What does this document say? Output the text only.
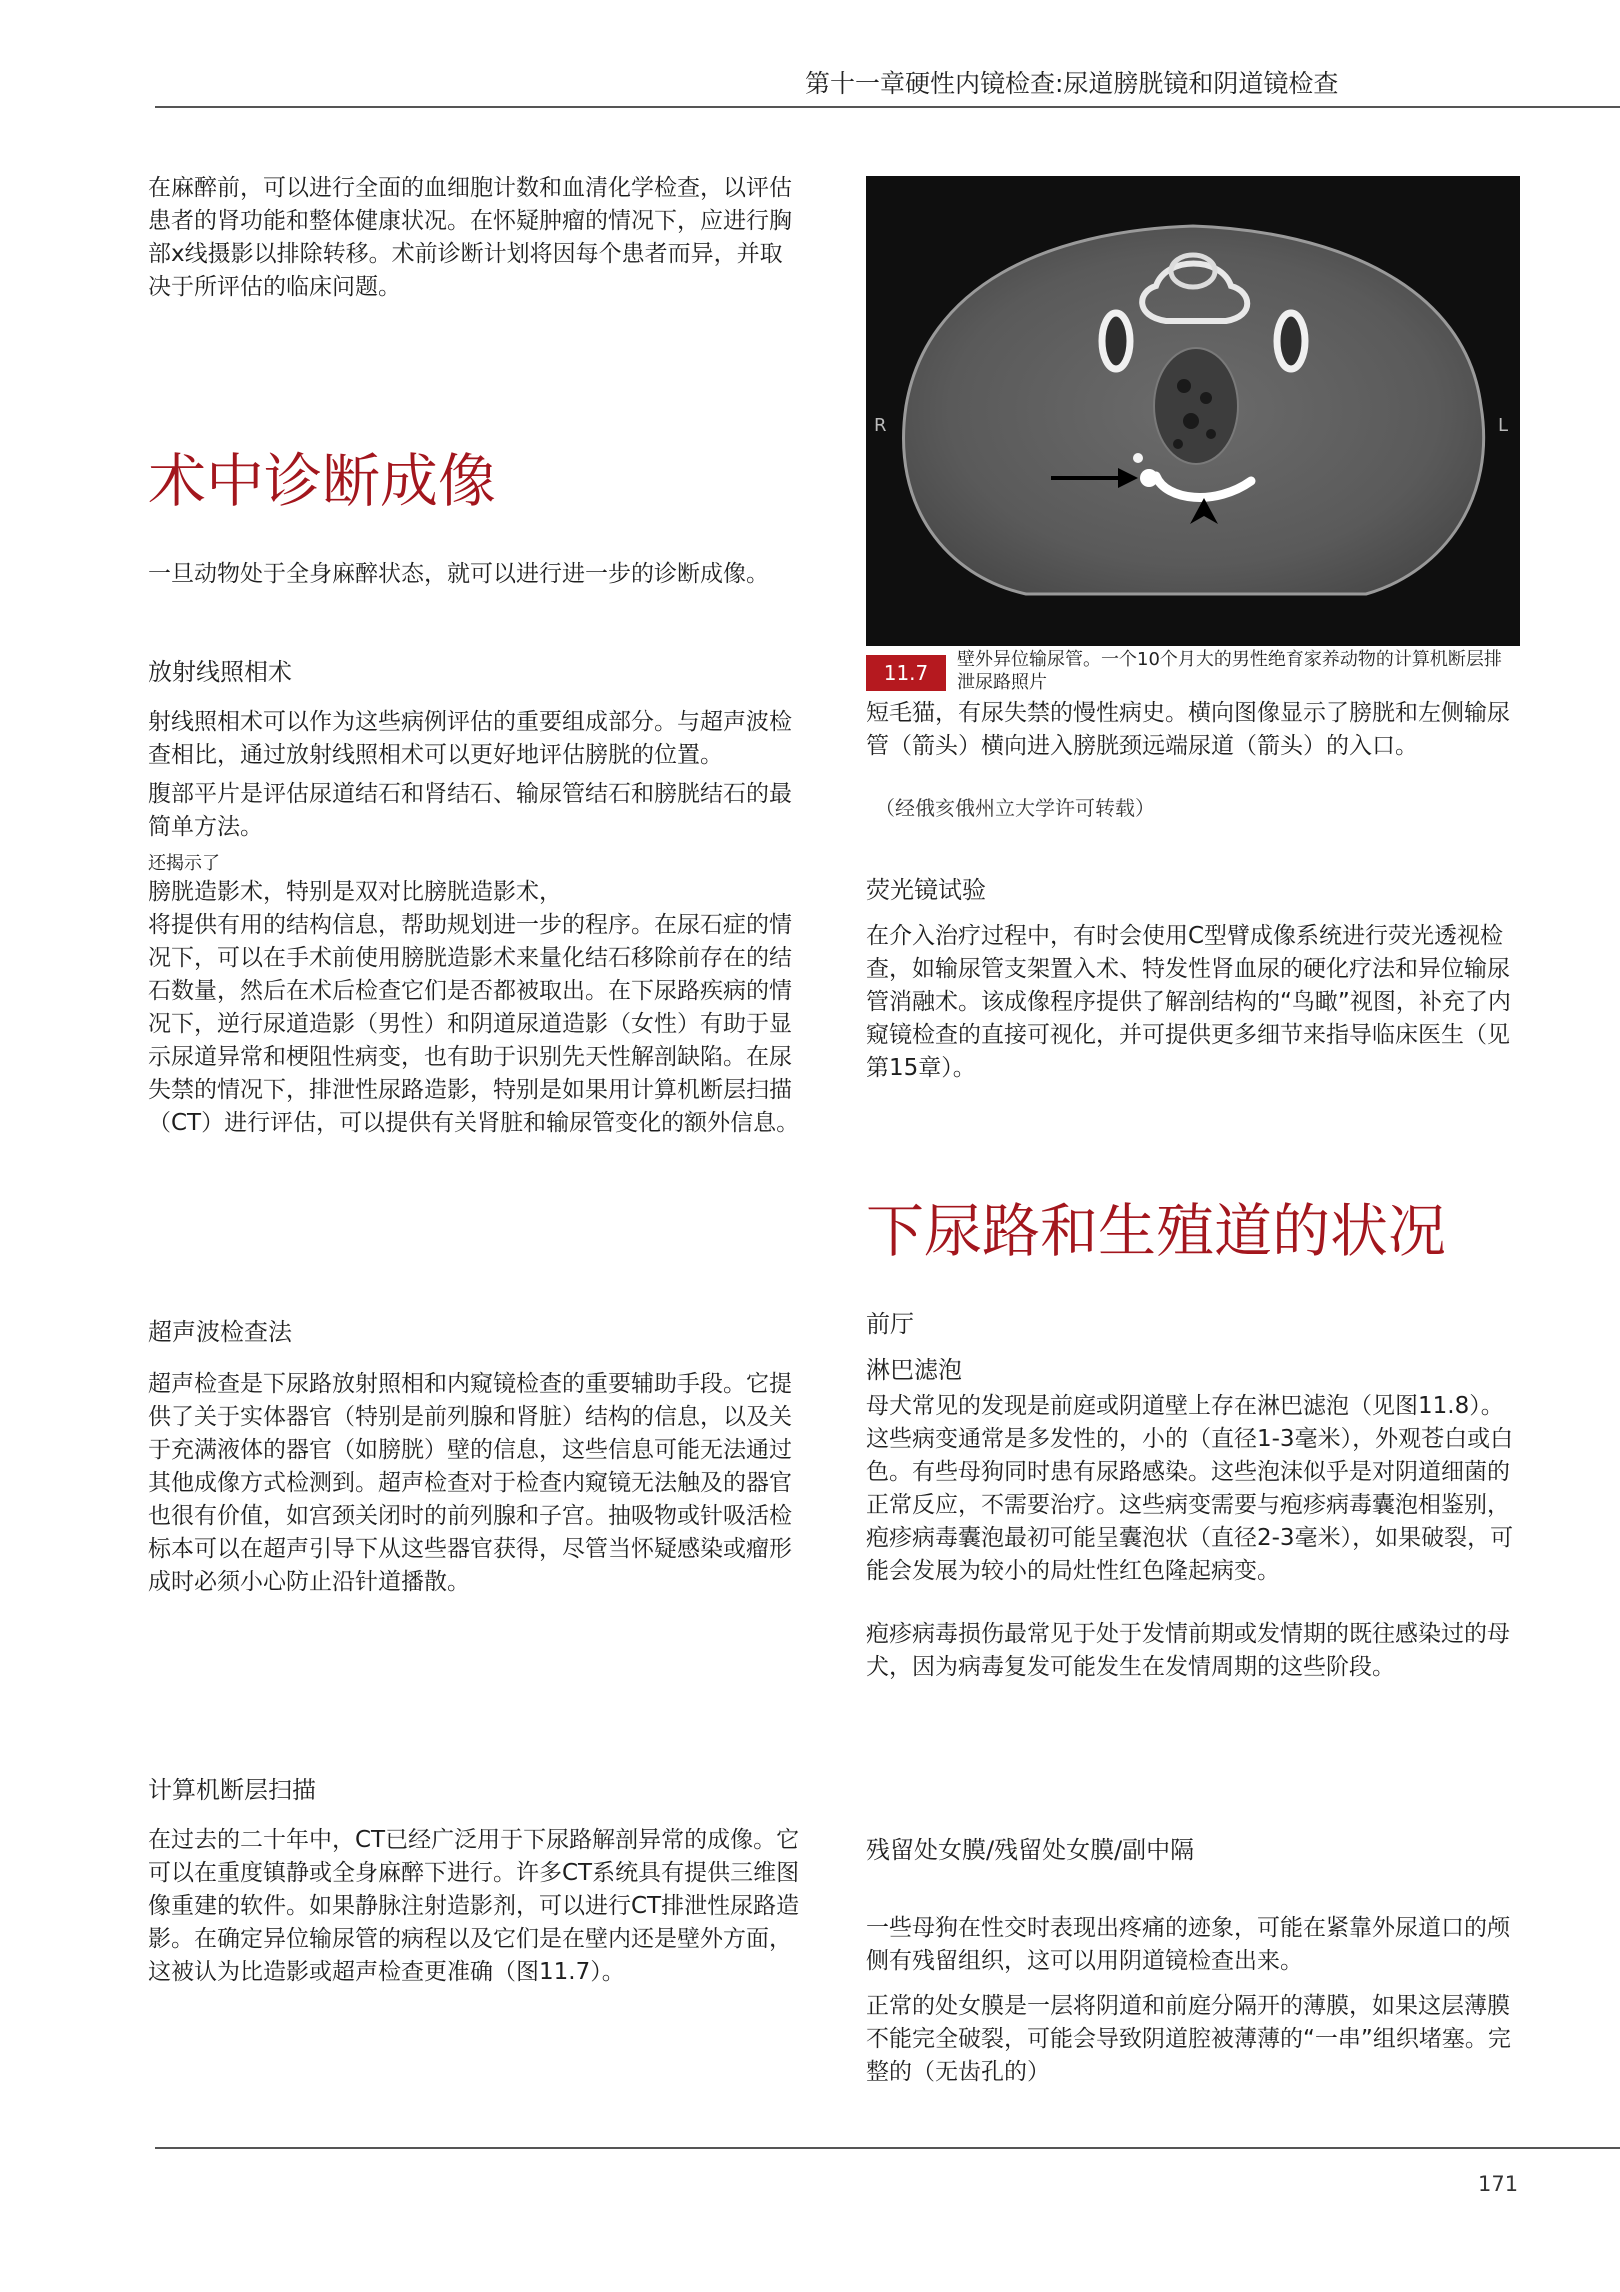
第十一章硬性内镜检查:尿道膀胱镜和阴道镜检查

在麻醉前，可以进行全面的血细胞计数和血清化学检查，以评估患者的肾功能和整体健康状况。在怀疑肿瘤的情况下，应进行胸部x线摄影以排除转移。术前诊断计划将因每个患者而异，并取决于所评估的临床问题。

术中诊断成像

一旦动物处于全身麻醉状态，就可以进行进一步的诊断成像。

放射线照相术

射线照相术可以作为这些病例评估的重要组成部分。与超声波检查相比，通过放射线照相术可以更好地评估膀胱的位置。

腹部平片是评估尿道结石和肾结石、输尿管结石和膀胱结石的最简单方法。

还揭示了

膀胱造影术，特别是双对比膀胱造影术，

将提供有用的结构信息，帮助规划进一步的程序。在尿石症的情况下，可以在手术前使用膀胱造影术来量化结石移除前存在的结石数量，然后在术后检查它们是否都被取出。在下尿路疾病的情况下，逆行尿道造影（男性）和阴道尿道造影（女性）有助于显示尿道异常和梗阻性病变，也有助于识别先天性解剖缺陷。在尿失禁的情况下，排泄性尿路造影，特别是如果用计算机断层扫描（CT）进行评估，可以提供有关肾脏和输尿管变化的额外信息。

超声波检查法

超声检查是下尿路放射照相和内窥镜检查的重要辅助手段。它提供了关于实体器官（特别是前列腺和肾脏）结构的信息，以及关于充满液体的器官（如膀胱）壁的信息，这些信息可能无法通过其他成像方式检测到。超声检查对于检查内窥镜无法触及的器官也很有价值，如宫颈关闭时的前列腺和子宫。抽吸物或针吸活检标本可以在超声引导下从这些器官获得，尽管当怀疑感染或瘤形成时必须小心防止沿针道播散。

计算机断层扫描

在过去的二十年中，CT已经广泛用于下尿路解剖异常的成像。它可以在重度镇静或全身麻醉下进行。许多CT系统具有提供三维图像重建的软件。如果静脉注射造影剂，可以进行CT排泄性尿路造影。在确定异位输尿管的病程以及它们是在壁内还是壁外方面，这被认为比造影或超声检查更准确（图11.7）。

R	L
11.7
壁外异位输尿管。一个10个月大的男性绝育家养动物的计算机断层排泄尿路照片

短毛猫，有尿失禁的慢性病史。横向图像显示了膀胱和左侧输尿管（箭头）横向进入膀胱颈远端尿道（箭头）的入口。

（经俄亥俄州立大学许可转载）
荧光镜试验

在介入治疗过程中，有时会使用C型臂成像系统进行荧光透视检查，如输尿管支架置入术、特发性肾血尿的硬化疗法和异位输尿管消融术。该成像程序提供了解剖结构的“鸟瞰”视图，补充了内窥镜检查的直接可视化，并可提供更多细节来指导临床医生（见第15章）。

下尿路和生殖道的状况
前厅
淋巴滤泡

母犬常见的发现是前庭或阴道壁上存在淋巴滤泡（见图11.8）。

这些病变通常是多发性的，小的（直径1-3毫米），外观苍白或白色。有些母狗同时患有尿路感染。这些泡沫似乎是对阴道细菌的正常反应，不需要治疗。这些病变需要与疱疹病毒囊泡相鉴别，疱疹病毒囊泡最初可能呈囊泡状（直径2-3毫米），如果破裂，可能会发展为较小的局灶性红色隆起病变。

疱疹病毒损伤最常见于处于发情前期或发情期的既往感染过的母犬，因为病毒复发可能发生在发情周期的这些阶段。

残留处女膜/残留处女膜/副中隔

一些母狗在性交时表现出疼痛的迹象，可能在紧靠外尿道口的颅侧有残留组织，这可以用阴道镜检查出来。

正常的处女膜是一层将阴道和前庭分隔开的薄膜，如果这层薄膜不能完全破裂，可能会导致阴道腔被薄薄的“一串”组织堵塞。完整的（无齿孔的）

171
